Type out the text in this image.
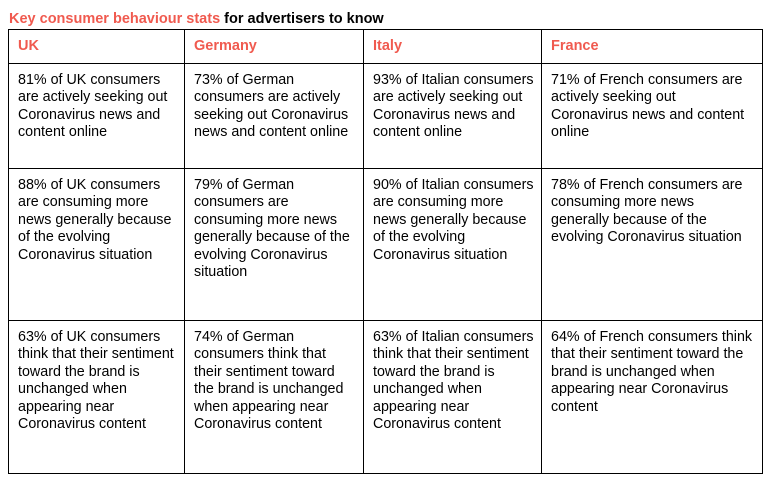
Key consumer behaviour stats for advertisers to know
UK	Germany	Italy	France
81% of UK consumers are actively seeking out Coronavirus news and content online	73% of German consumers are actively seeking out Coronavirus news and content online	93% of Italian consumers are actively seeking out Coronavirus news and content online	71% of French consumers are actively seeking out Coronavirus news and content online
88% of UK consumers are consuming more news generally because of the evolving Coronavirus situation	79% of German consumers are consuming more news generally because of the evolving Coronavirus situation	90% of Italian consumers are consuming more news generally because of the evolving Coronavirus situation	78% of French consumers are consuming more news generally because of the evolving Coronavirus situation
63% of UK consumers think that their sentiment toward the brand is unchanged when appearing near Coronavirus content	74% of German consumers think that their sentiment toward the brand is unchanged when appearing near Coronavirus content	63% of Italian consumers think that their sentiment toward the brand is unchanged when appearing near Coronavirus content	64% of French consumers think that their sentiment toward the brand is unchanged when appearing near Coronavirus content
